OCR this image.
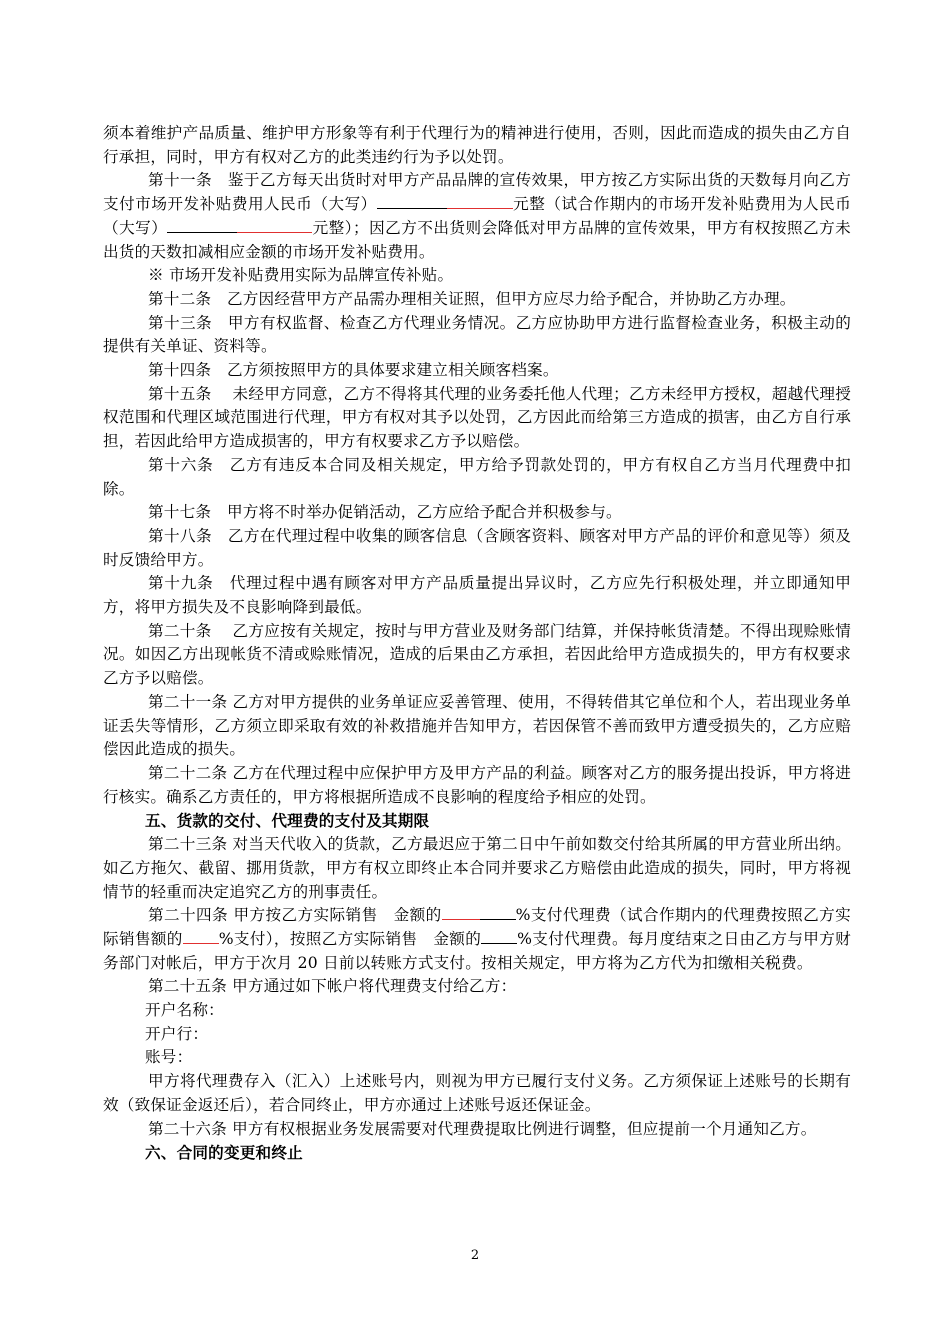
须本着维护产品质量、维护甲方形象等有利于代理行为的精神进行使用，否则，因此而造成的损失由乙方自行承担，同时，甲方有权对乙方的此类违约行为予以处罚。

第十一条　鉴于乙方每天出货时对甲方产品品牌的宣传效果，甲方按乙方实际出货的天数每月向乙方支付市场开发补贴费用人民币（大写）	元整（试合作期内的市场开发补贴费用为人民币（大写）	元整）；因乙方不出货则会降低对甲方品牌的宣传效果，甲方有权按照乙方未出货的天数扣减相应金额的市场开发补贴费用。

※ 市场开发补贴费用实际为品牌宣传补贴。

第十二条　乙方因经营甲方产品需办理相关证照，但甲方应尽力给予配合，并协助乙方办理。

第十三条　甲方有权监督、检查乙方代理业务情况。乙方应协助甲方进行监督检查业务，积极主动的提供有关单证、资料等。

第十四条　乙方须按照甲方的具体要求建立相关顾客档案。

第十五条　 未经甲方同意，乙方不得将其代理的业务委托他人代理；乙方未经甲方授权，超越代理授权范围和代理区域范围进行代理，甲方有权对其予以处罚，乙方因此而给第三方造成的损害，由乙方自行承担，若因此给甲方造成损害的，甲方有权要求乙方予以赔偿。

第十六条　乙方有违反本合同及相关规定，甲方给予罚款处罚的，甲方有权自乙方当月代理费中扣除。

第十七条　甲方将不时举办促销活动，乙方应给予配合并积极参与。

第十八条　乙方在代理过程中收集的顾客信息（含顾客资料、顾客对甲方产品的评价和意见等）须及时反馈给甲方。

第十九条　代理过程中遇有顾客对甲方产品质量提出异议时，乙方应先行积极处理，并立即通知甲方，将甲方损失及不良影响降到最低。

第二十条　 乙方应按有关规定，按时与甲方营业及财务部门结算，并保持帐货清楚。不得出现赊账情况。如因乙方出现帐货不清或赊账情况，造成的后果由乙方承担，若因此给甲方造成损失的，甲方有权要求乙方予以赔偿。

第二十一条 乙方对甲方提供的业务单证应妥善管理、使用，不得转借其它单位和个人，若出现业务单证丢失等情形，乙方须立即采取有效的补救措施并告知甲方，若因保管不善而致甲方遭受损失的，乙方应赔偿因此造成的损失。

第二十二条 乙方在代理过程中应保护甲方及甲方产品的利益。顾客对乙方的服务提出投诉，甲方将进行核实。确系乙方责任的，甲方将根据所造成不良影响的程度给予相应的处罚。

五、货款的交付、代理费的支付及其期限

第二十三条 对当天代收入的货款，乙方最迟应于第二日中午前如数交付给其所属的甲方营业所出纳。如乙方拖欠、截留、挪用货款，甲方有权立即终止本合同并要求乙方赔偿由此造成的损失，同时，甲方将视情节的轻重而决定追究乙方的刑事责任。

第二十四条 甲方按乙方实际销售　金额的	%支付代理费（试合作期内的代理费按照乙方实际销售额的 %支付），按照乙方实际销售　金额的 %支付代理费。每月度结束之日由乙方与甲方财务部门对帐后，甲方于次月 20 日前以转账方式支付。按相关规定，甲方将为乙方代为扣缴相关税费。

第二十五条 甲方通过如下帐户将代理费支付给乙方：

开户名称：

开户行：

账号：

甲方将代理费存入（汇入）上述账号内，则视为甲方已履行支付义务。乙方须保证上述账号的长期有效（致保证金返还后），若合同终止，甲方亦通过上述账号返还保证金。

第二十六条 甲方有权根据业务发展需要对代理费提取比例进行调整，但应提前一个月通知乙方。

六、合同的变更和终止

2
